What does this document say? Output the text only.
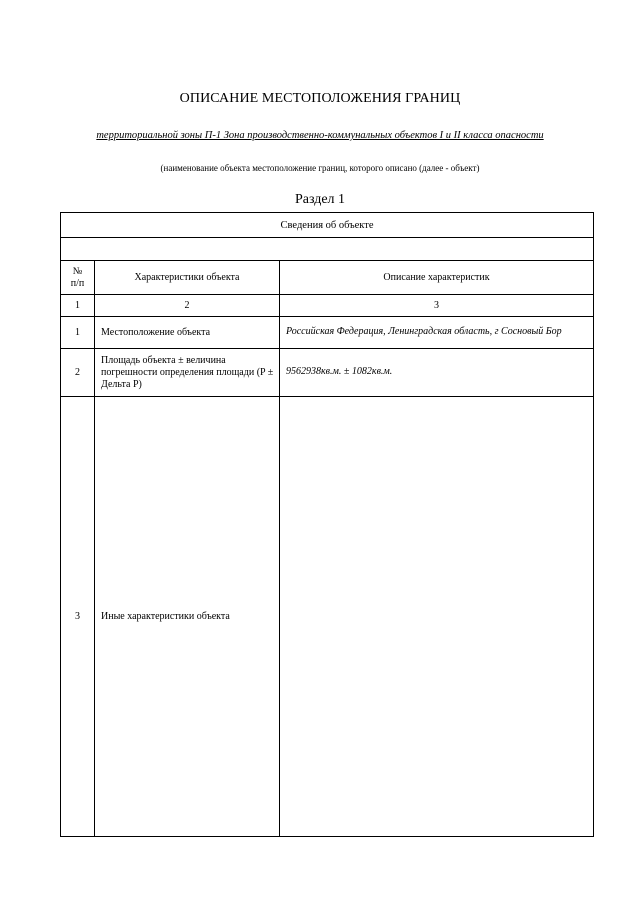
ОПИСАНИЕ МЕСТОПОЛОЖЕНИЯ ГРАНИЦ
территориальной зоны П-1 Зона производственно-коммунальных объектов I и II класса опасности
(наименование объекта местоположение границ, которого описано (далее - объект)
Раздел 1
Сведения об объекте		

№
п/п	Характеристики объекта	Описание характеристик
1	2	3
1	Местоположение объекта	Российская Федерация, Ленинградская область, г Сосновый Бор
2	Площадь объекта ± величина погрешности определения площади (P ± Дельта P)	9562938кв.м. ± 1082кв.м.
3	Иные характеристики объекта	
